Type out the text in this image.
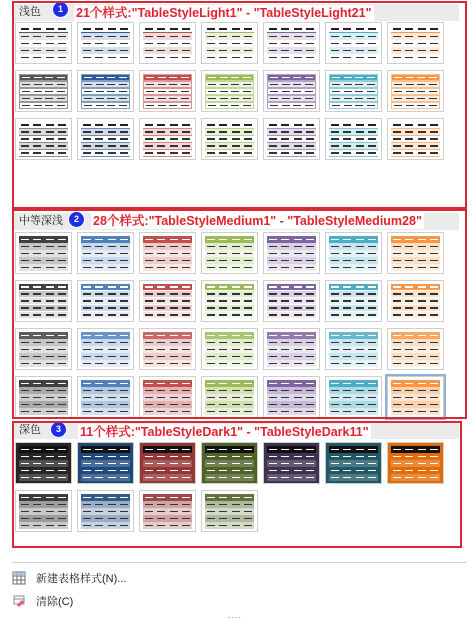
浅色	1	21个样式:"TableStyleLight1" - "TableStyleLight21"
中等深浅	2	28个样式:"TableStyleMedium1" - "TableStyleMedium28"
深色	3	11个样式:"TableStyleDark1" - "TableStyleDark11"
新建表格样式(N)...
清除(C)
....
